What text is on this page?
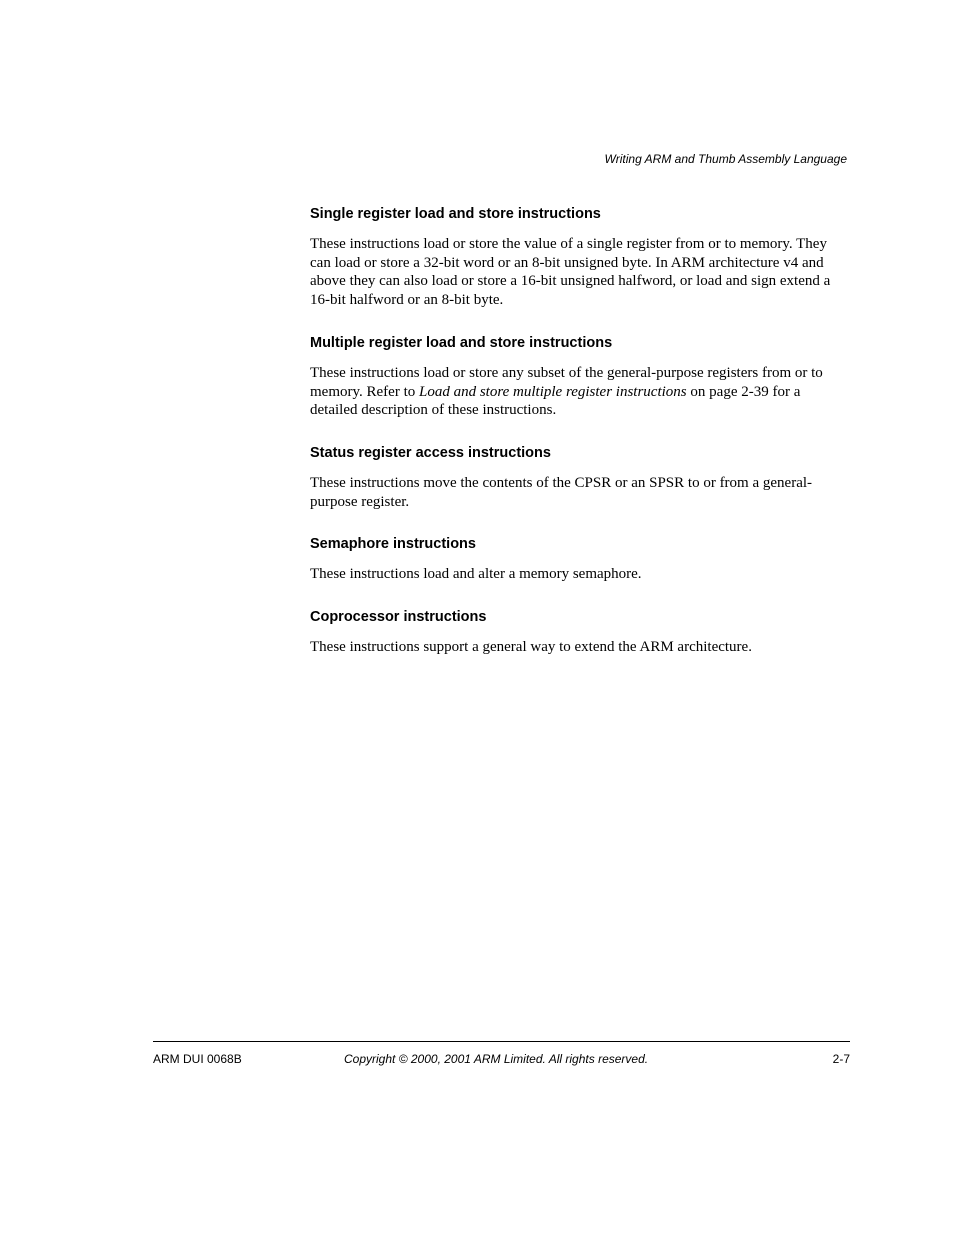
Writing ARM and Thumb Assembly Language
Single register load and store instructions

These instructions load or store the value of a single register from or to memory. They can load or store a 32-bit word or an 8-bit unsigned byte. In ARM architecture v4 and above they can also load or store a 16-bit unsigned halfword, or load and sign extend a 16-bit halfword or an 8-bit byte.

Multiple register load and store instructions

These instructions load or store any subset of the general-purpose registers from or to memory. Refer to Load and store multiple register instructions on page 2-39 for a detailed description of these instructions.

Status register access instructions

These instructions move the contents of the CPSR or an SPSR to or from a general-purpose register.

Semaphore instructions

These instructions load and alter a memory semaphore.

Coprocessor instructions

These instructions support a general way to extend the ARM architecture.

ARM DUI 0068B	Copyright © 2000, 2001 ARM Limited. All rights reserved.	2-7
